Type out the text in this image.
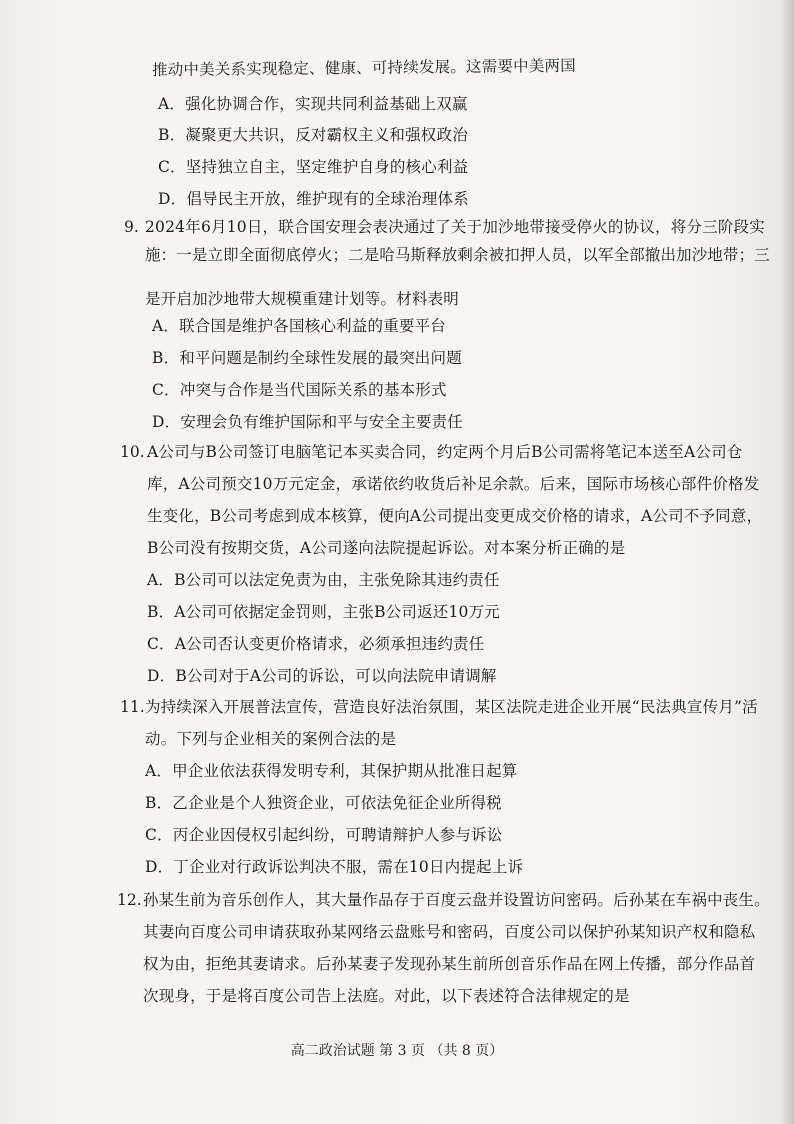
推动中美关系实现稳定、健康、可持续发展。这需要中美两国
A．强化协调合作，实现共同利益基础上双赢
B．凝聚更大共识，反对霸权主义和强权政治
C．坚持独立自主，坚定维护自身的核心利益
D．倡导民主开放，维护现有的全球治理体系
9. 2024年6月10日，联合国安理会表决通过了关于加沙地带接受停火的协议，将分三阶段实
施：一是立即全面彻底停火；二是哈马斯释放剩余被扣押人员，以军全部撤出加沙地带；三
是开启加沙地带大规模重建计划等。材料表明
A．联合国是维护各国核心利益的重要平台
B．和平问题是制约全球性发展的最突出问题
C．冲突与合作是当代国际关系的基本形式
D．安理会负有维护国际和平与安全主要责任
10. A公司与B公司签订电脑笔记本买卖合同，约定两个月后B公司需将笔记本送至A公司仓
库，A公司预交10万元定金，承诺依约收货后补足余款。后来，国际市场核心部件价格发
生变化，B公司考虑到成本核算，便向A公司提出变更成交价格的请求，A公司不予同意，
B公司没有按期交货，A公司遂向法院提起诉讼。对本案分析正确的是
A．B公司可以法定免责为由，主张免除其违约责任
B．A公司可依据定金罚则，主张B公司返还10万元
C．A公司否认变更价格请求，必须承担违约责任
D．B公司对于A公司的诉讼，可以向法院申请调解
11. 为持续深入开展普法宣传，营造良好法治氛围，某区法院走进企业开展“民法典宣传月”活
动。下列与企业相关的案例合法的是
A．甲企业依法获得发明专利，其保护期从批准日起算
B．乙企业是个人独资企业，可依法免征企业所得税
C．丙企业因侵权引起纠纷，可聘请辩护人参与诉讼
D．丁企业对行政诉讼判决不服，需在10日内提起上诉
12. 孙某生前为音乐创作人，其大量作品存于百度云盘并设置访问密码。后孙某在车祸中丧生。
其妻向百度公司申请获取孙某网络云盘账号和密码，百度公司以保护孙某知识产权和隐私
权为由，拒绝其妻请求。后孙某妻子发现孙某生前所创音乐作品在网上传播，部分作品首
次现身，于是将百度公司告上法庭。对此，以下表述符合法律规定的是
高二政治试题 第 3 页 （共 8 页）
